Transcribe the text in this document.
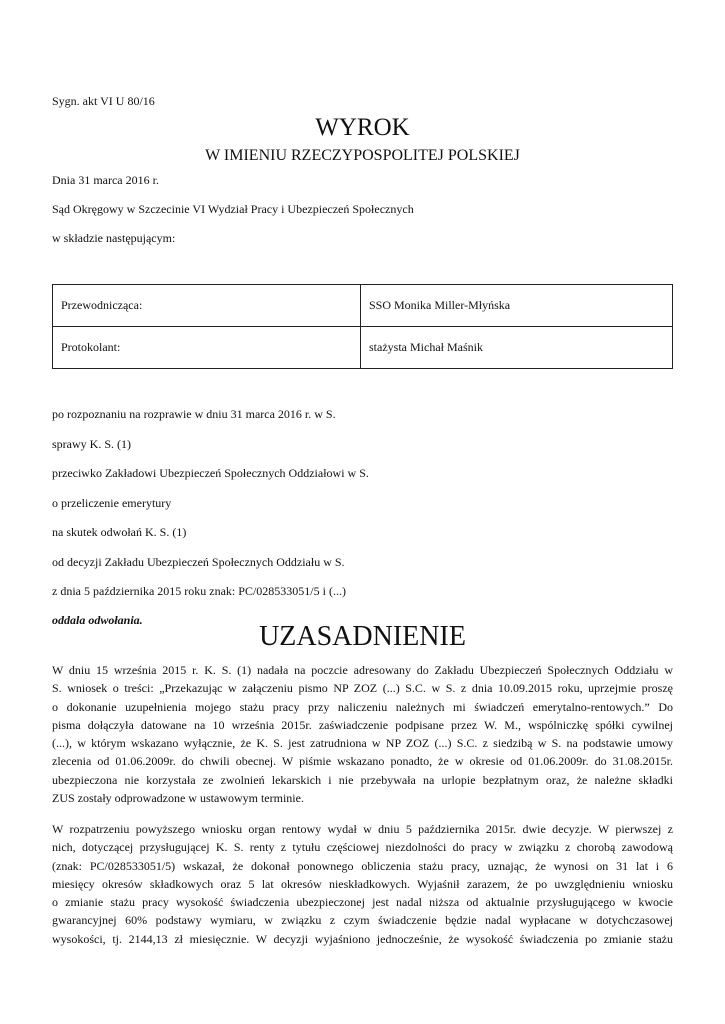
Sygn. akt VI U 80/16
WYROK
W IMIENIU RZECZYPOSPOLITEJ POLSKIEJ
Dnia 31 marca 2016 r.
Sąd Okręgowy w Szczecinie VI Wydział Pracy i Ubezpieczeń Społecznych
w składzie następującym:
Przewodnicząca:	SSO Monika Miller-Młyńska
Protokolant:	stażysta Michał Maśnik
po rozpoznaniu na rozprawie w dniu 31 marca 2016 r. w S.
sprawy K. S. (1)
przeciwko Zakładowi Ubezpieczeń Społecznych Oddziałowi w S.
o przeliczenie emerytury
na skutek odwołań K. S. (1)
od decyzji Zakładu Ubezpieczeń Społecznych Oddziału w S.
z dnia 5 października 2015 roku znak: PC/028533051/5 i (...)
oddala odwołania.
UZASADNIENIE
W dniu 15 września 2015 r. K. S. (1) nadała na poczcie adresowany do Zakładu Ubezpieczeń Społecznych Oddziału w
S. wniosek o treści: „Przekazując w załączeniu pismo NP ZOZ (...) S.C. w S. z dnia 10.09.2015 roku, uprzejmie proszę
o dokonanie uzupełnienia mojego stażu pracy przy naliczeniu należnych mi świadczeń emerytalno-rentowych.” Do
pisma dołączyła datowane na 10 września 2015r. zaświadczenie podpisane przez W. M., wspólniczkę spółki cywilnej
(...), w którym wskazano wyłącznie, że K. S. jest zatrudniona w NP ZOZ (...) S.C. z siedzibą w S. na podstawie umowy
zlecenia od 01.06.2009r. do chwili obecnej. W piśmie wskazano ponadto, że w okresie od 01.06.2009r. do 31.08.2015r.
ubezpieczona nie korzystała ze zwolnień lekarskich i nie przebywała na urlopie bezpłatnym oraz, że należne składki
ZUS zostały odprowadzone w ustawowym terminie.
W rozpatrzeniu powyższego wniosku organ rentowy wydał w dniu 5 października 2015r. dwie decyzje. W pierwszej z
nich, dotyczącej przysługującej K. S. renty z tytułu częściowej niezdolności do pracy w związku z chorobą zawodową
(znak: PC/028533051/5) wskazał, że dokonał ponownego obliczenia stażu pracy, uznając, że wynosi on 31 lat i 6
miesięcy okresów składkowych oraz 5 lat okresów nieskładkowych. Wyjaśnił zarazem, że po uwzględnieniu wniosku
o zmianie stażu pracy wysokość świadczenia ubezpieczonej jest nadal niższa od aktualnie przysługującego w kwocie
gwarancyjnej 60% podstawy wymiaru, w związku z czym świadczenie będzie nadal wypłacane w dotychczasowej
wysokości, tj. 2144,13 zł miesięcznie. W decyzji wyjaśniono jednocześnie, że wysokość świadczenia po zmianie stażu
